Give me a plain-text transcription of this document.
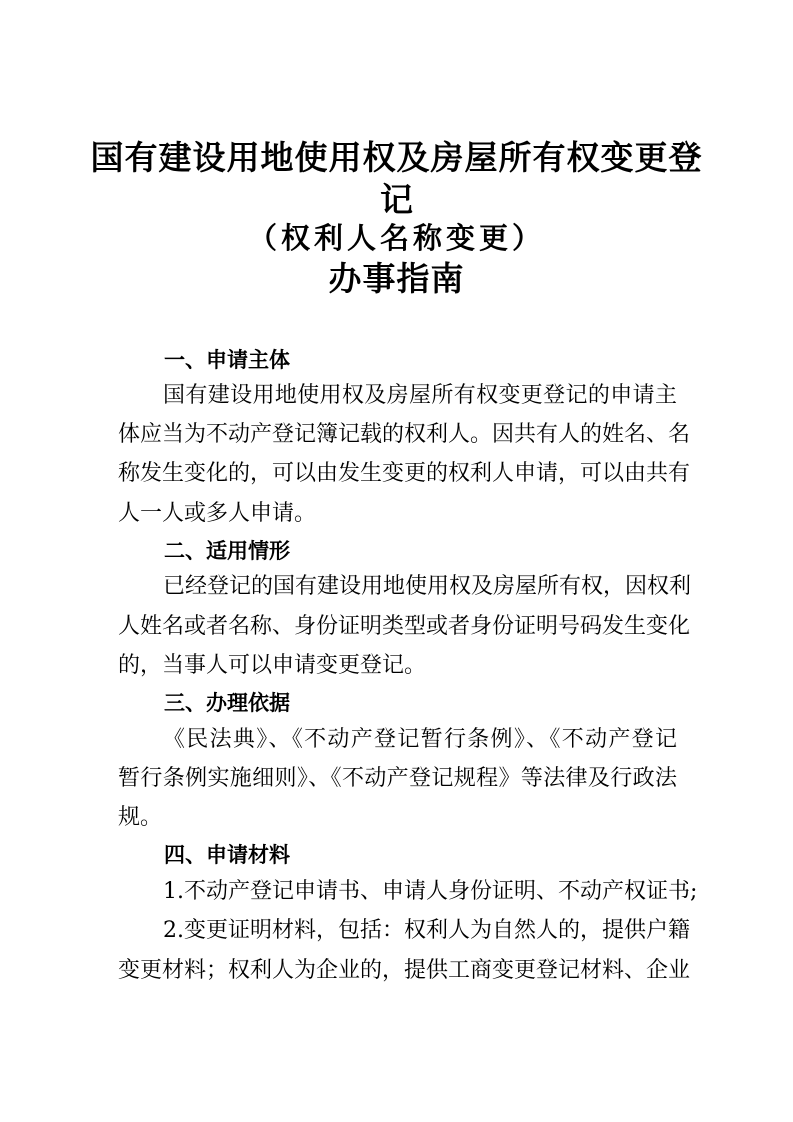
国有建设用地使用权及房屋所有权变更登
记
（权利人名称变更）
办事指南
一、申请主体

国有建设用地使用权及房屋所有权变更登记的申请主

体应当为不动产登记簿记载的权利人。因共有人的姓名、名

称发生变化的，可以由发生变更的权利人申请，可以由共有

人一人或多人申请。

二、适用情形

已经登记的国有建设用地使用权及房屋所有权，因权利

人姓名或者名称、身份证明类型或者身份证明号码发生变化

的，当事人可以申请变更登记。

三、办理依据

《民法典》、《不动产登记暂行条例》、《不动产登记

暂行条例实施细则》、《不动产登记规程》等法律及行政法

规。

四、申请材料

1.不动产登记申请书、申请人身份证明、不动产权证书;

2.变更证明材料，包括：权利人为自然人的，提供户籍

变更材料；权利人为企业的，提供工商变更登记材料、企业
